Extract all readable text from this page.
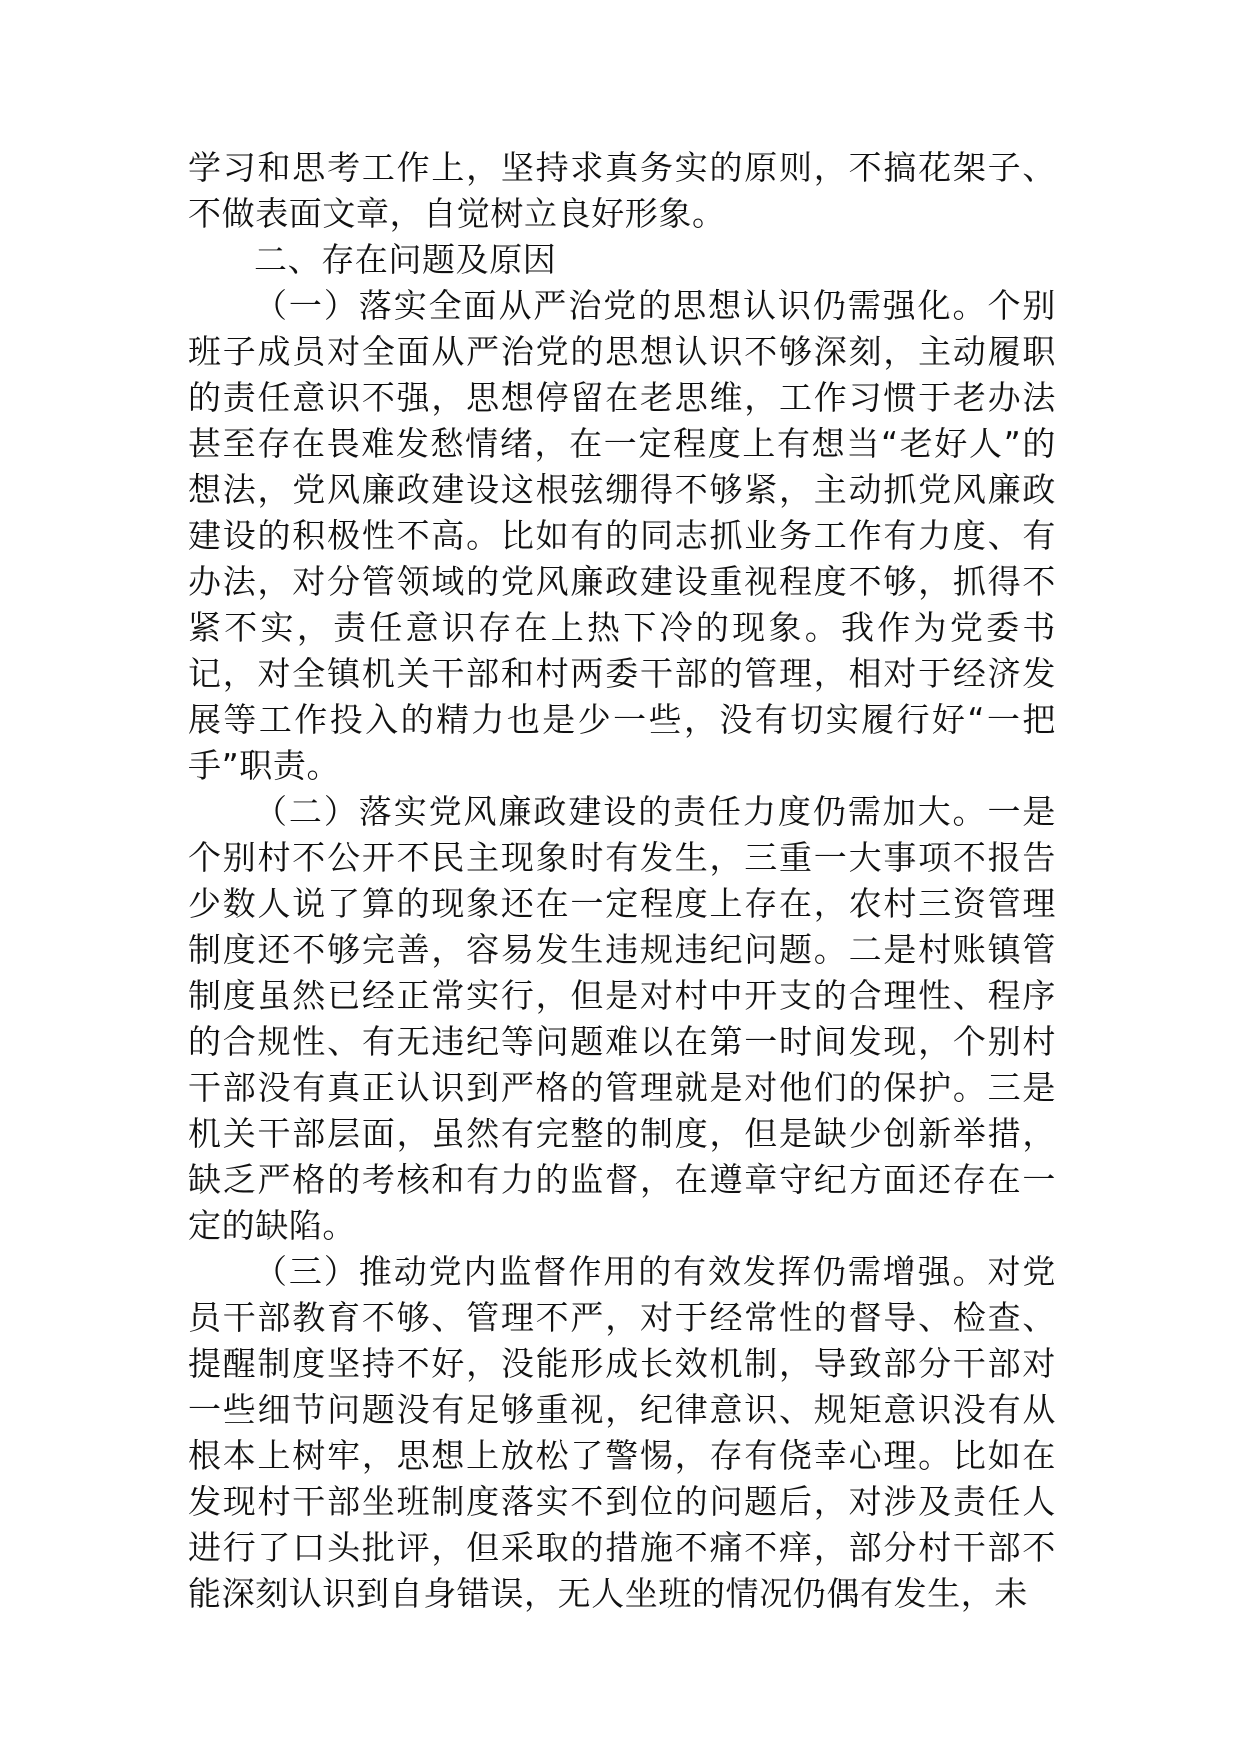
学习和思考工作上，坚持求真务实的原则，不搞花架子、不做表面文章，自觉树立良好形象。

二、存在问题及原因

（一）落实全面从严治党的思想认识仍需强化。个别班子成员对全面从严治党的思想认识不够深刻，主动履职的责任意识不强，思想停留在老思维，工作习惯于老办法甚至存在畏难发愁情绪，在一定程度上有想当“老好人”的想法，党风廉政建设这根弦绷得不够紧，主动抓党风廉政建设的积极性不高。比如有的同志抓业务工作有力度、有办法，对分管领域的党风廉政建设重视程度不够，抓得不紧不实，责任意识存在上热下冷的现象。我作为党委书记，对全镇机关干部和村两委干部的管理，相对于经济发展等工作投入的精力也是少一些，没有切实履行好“一把手”职责。

（二）落实党风廉政建设的责任力度仍需加大。一是个别村不公开不民主现象时有发生，三重一大事项不报告少数人说了算的现象还在一定程度上存在，农村三资管理制度还不够完善，容易发生违规违纪问题。二是村账镇管制度虽然已经正常实行，但是对村中开支的合理性、程序的合规性、有无违纪等问题难以在第一时间发现，个别村干部没有真正认识到严格的管理就是对他们的保护。三是机关干部层面，虽然有完整的制度，但是缺少创新举措，缺乏严格的考核和有力的监督，在遵章守纪方面还存在一定的缺陷。

（三）推动党内监督作用的有效发挥仍需增强。对党员干部教育不够、管理不严，对于经常性的督导、检查、提醒制度坚持不好，没能形成长效机制，导致部分干部对一些细节问题没有足够重视，纪律意识、规矩意识没有从根本上树牢，思想上放松了警惕，存有侥幸心理。比如在发现村干部坐班制度落实不到位的问题后，对涉及责任人进行了口头批评，但采取的措施不痛不痒，部分村干部不能深刻认识到自身错误，无人坐班的情况仍偶有发生，未
